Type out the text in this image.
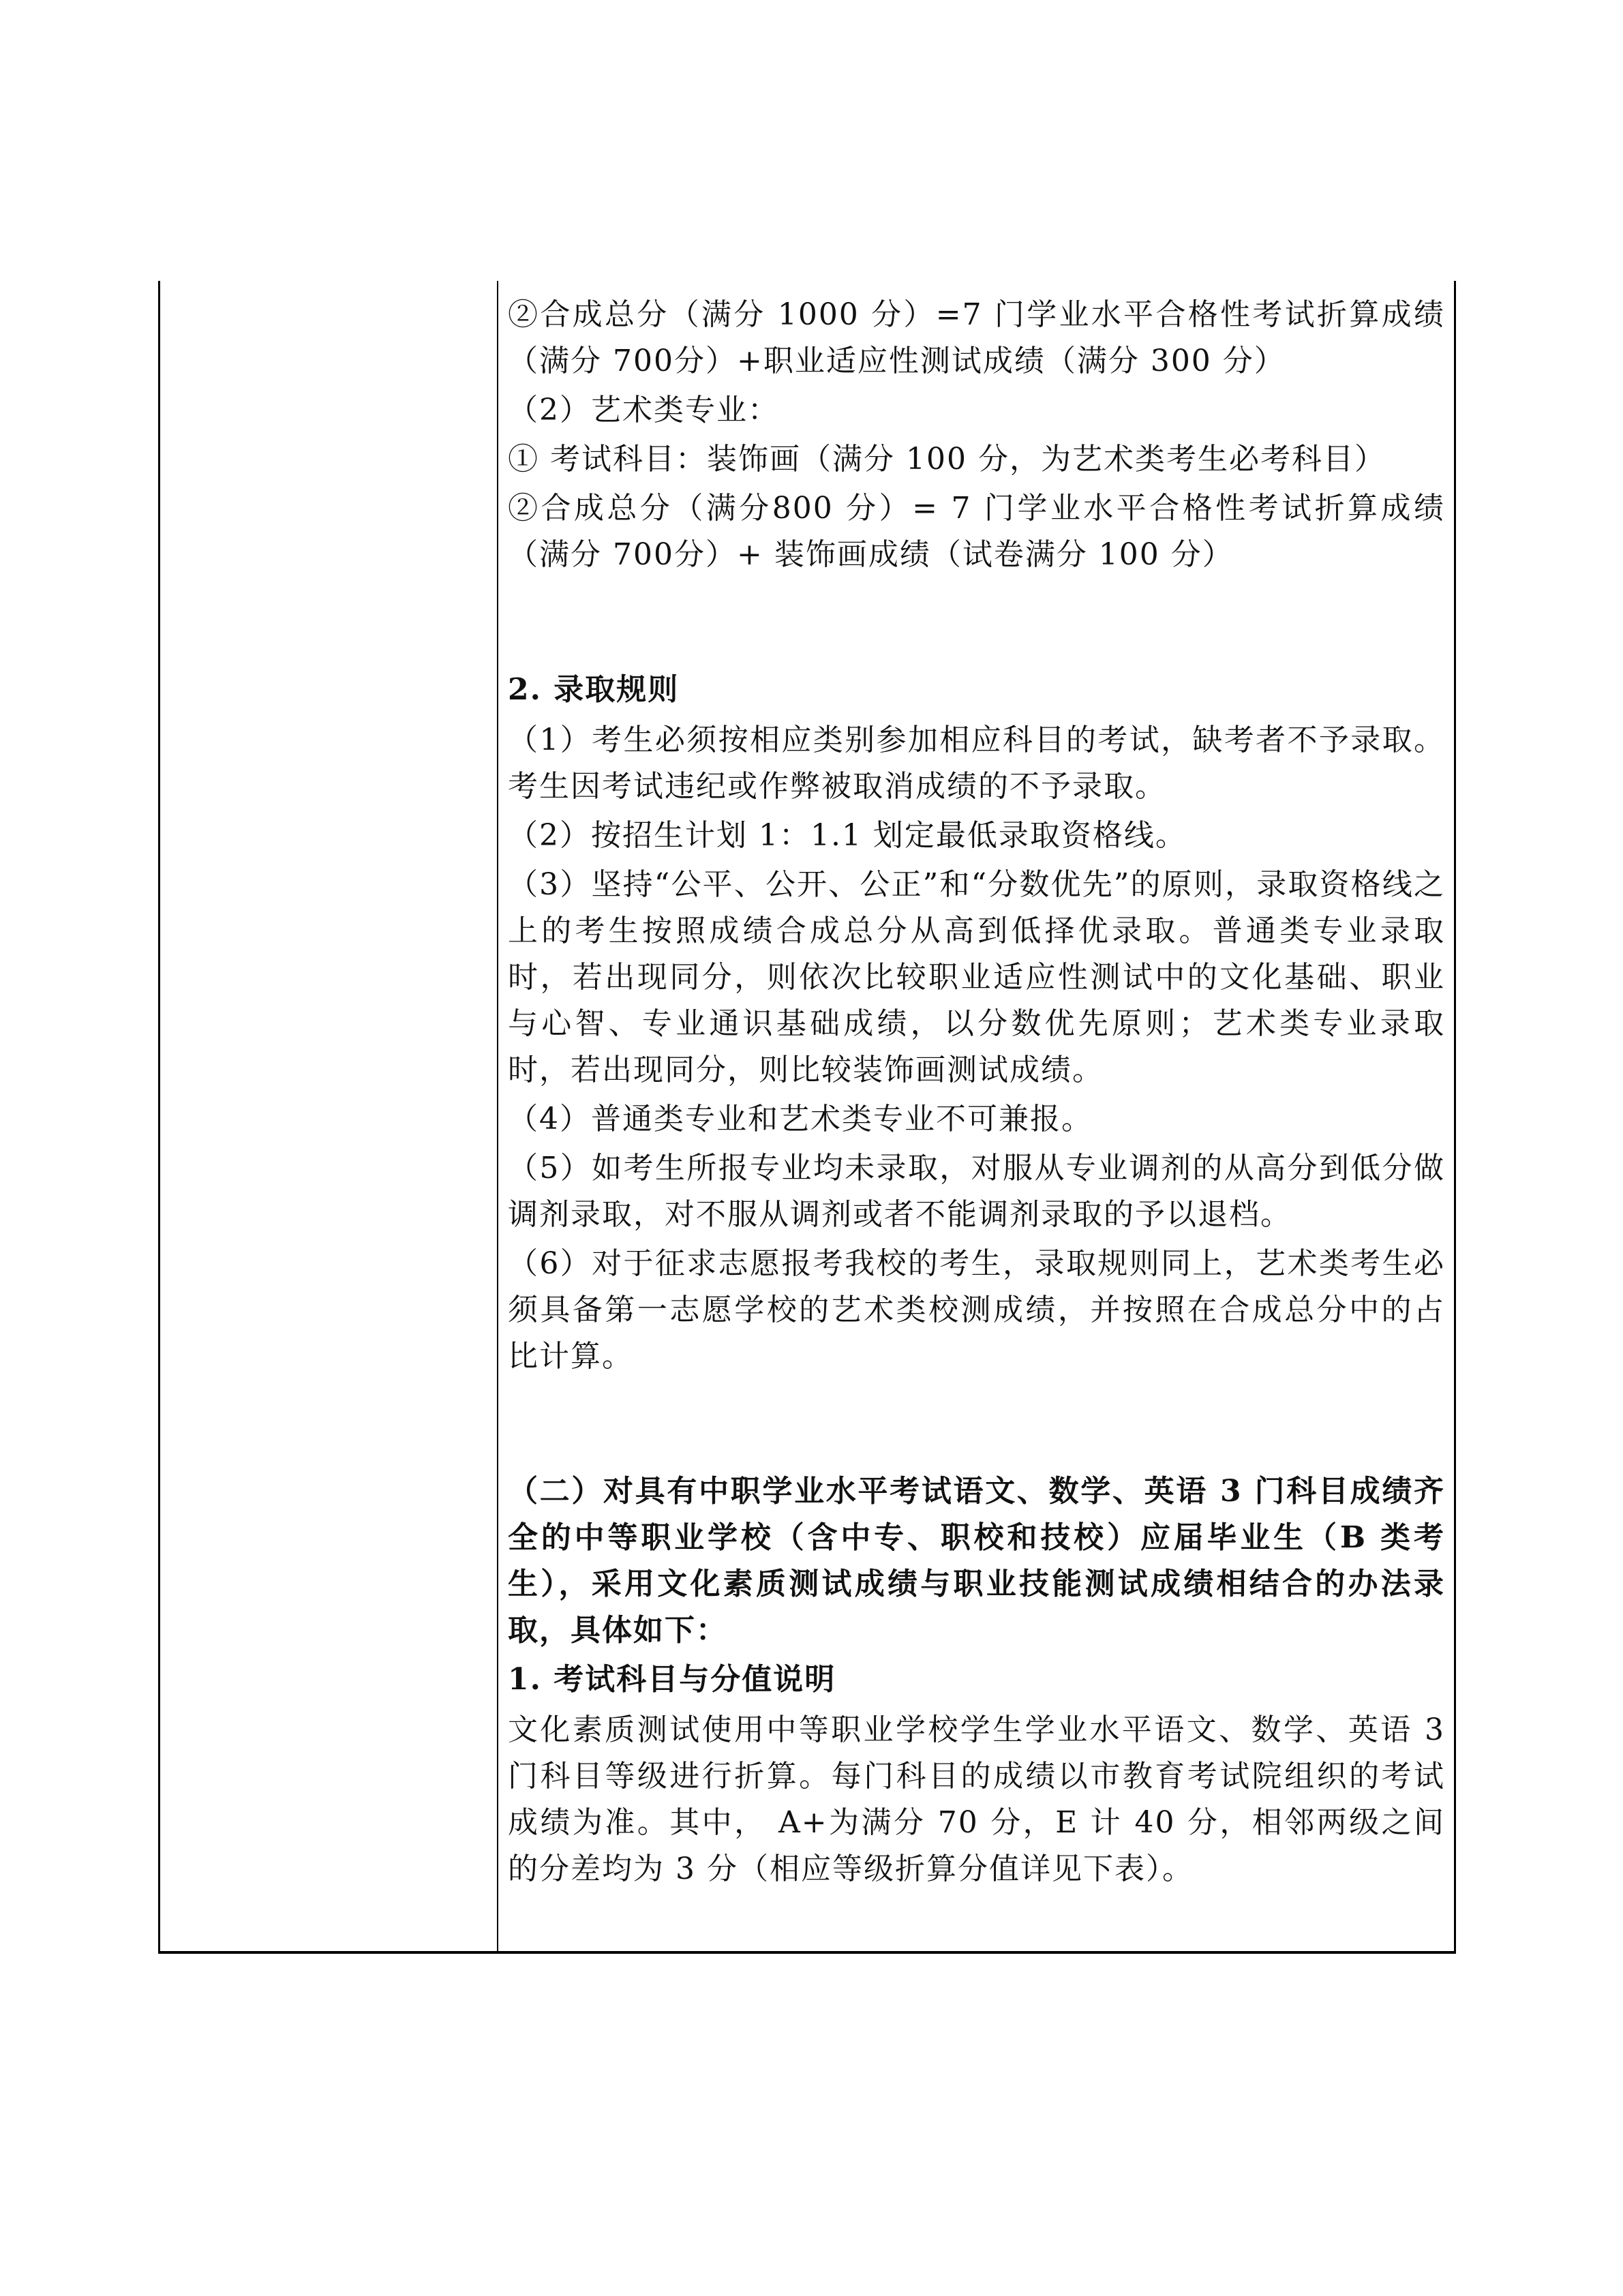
②合成总分（满分 1000 分）=7 门学业水平合格性考试折算成绩（满分 700分）+职业适应性测试成绩（满分 300 分）

（2）艺术类专业：

① 考试科目：装饰画（满分 100 分，为艺术类考生必考科目）

②合成总分（满分800 分）= 7 门学业水平合格性考试折算成绩（满分 700分）+ 装饰画成绩（试卷满分 100 分）

2. 录取规则

（1）考生必须按相应类别参加相应科目的考试，缺考者不予录取。考生因考试违纪或作弊被取消成绩的不予录取。

（2）按招生计划 1：1.1 划定最低录取资格线。

（3）坚持“公平、公开、公正”和“分数优先”的原则，录取资格线之上的考生按照成绩合成总分从高到低择优录取。普通类专业录取时，若出现同分，则依次比较职业适应性测试中的文化基础、职业与心智、专业通识基础成绩，以分数优先原则；艺术类专业录取时，若出现同分，则比较装饰画测试成绩。

（4）普通类专业和艺术类专业不可兼报。

（5）如考生所报专业均未录取，对服从专业调剂的从高分到低分做调剂录取，对不服从调剂或者不能调剂录取的予以退档。

（6）对于征求志愿报考我校的考生，录取规则同上，艺术类考生必须具备第一志愿学校的艺术类校测成绩，并按照在合成总分中的占比计算。

（二）对具有中职学业水平考试语文、数学、英语 3 门科目成绩齐全的中等职业学校（含中专、职校和技校）应届毕业生（B 类考生），采用文化素质测试成绩与职业技能测试成绩相结合的办法录取，具体如下：

1. 考试科目与分值说明

文化素质测试使用中等职业学校学生学业水平语文、数学、英语 3 门科目等级进行折算。每门科目的成绩以市教育考试院组织的考试成绩为准。其中， A+为满分 70 分，E 计 40 分，相邻两级之间的分差均为 3 分（相应等级折算分值详见下表）。
